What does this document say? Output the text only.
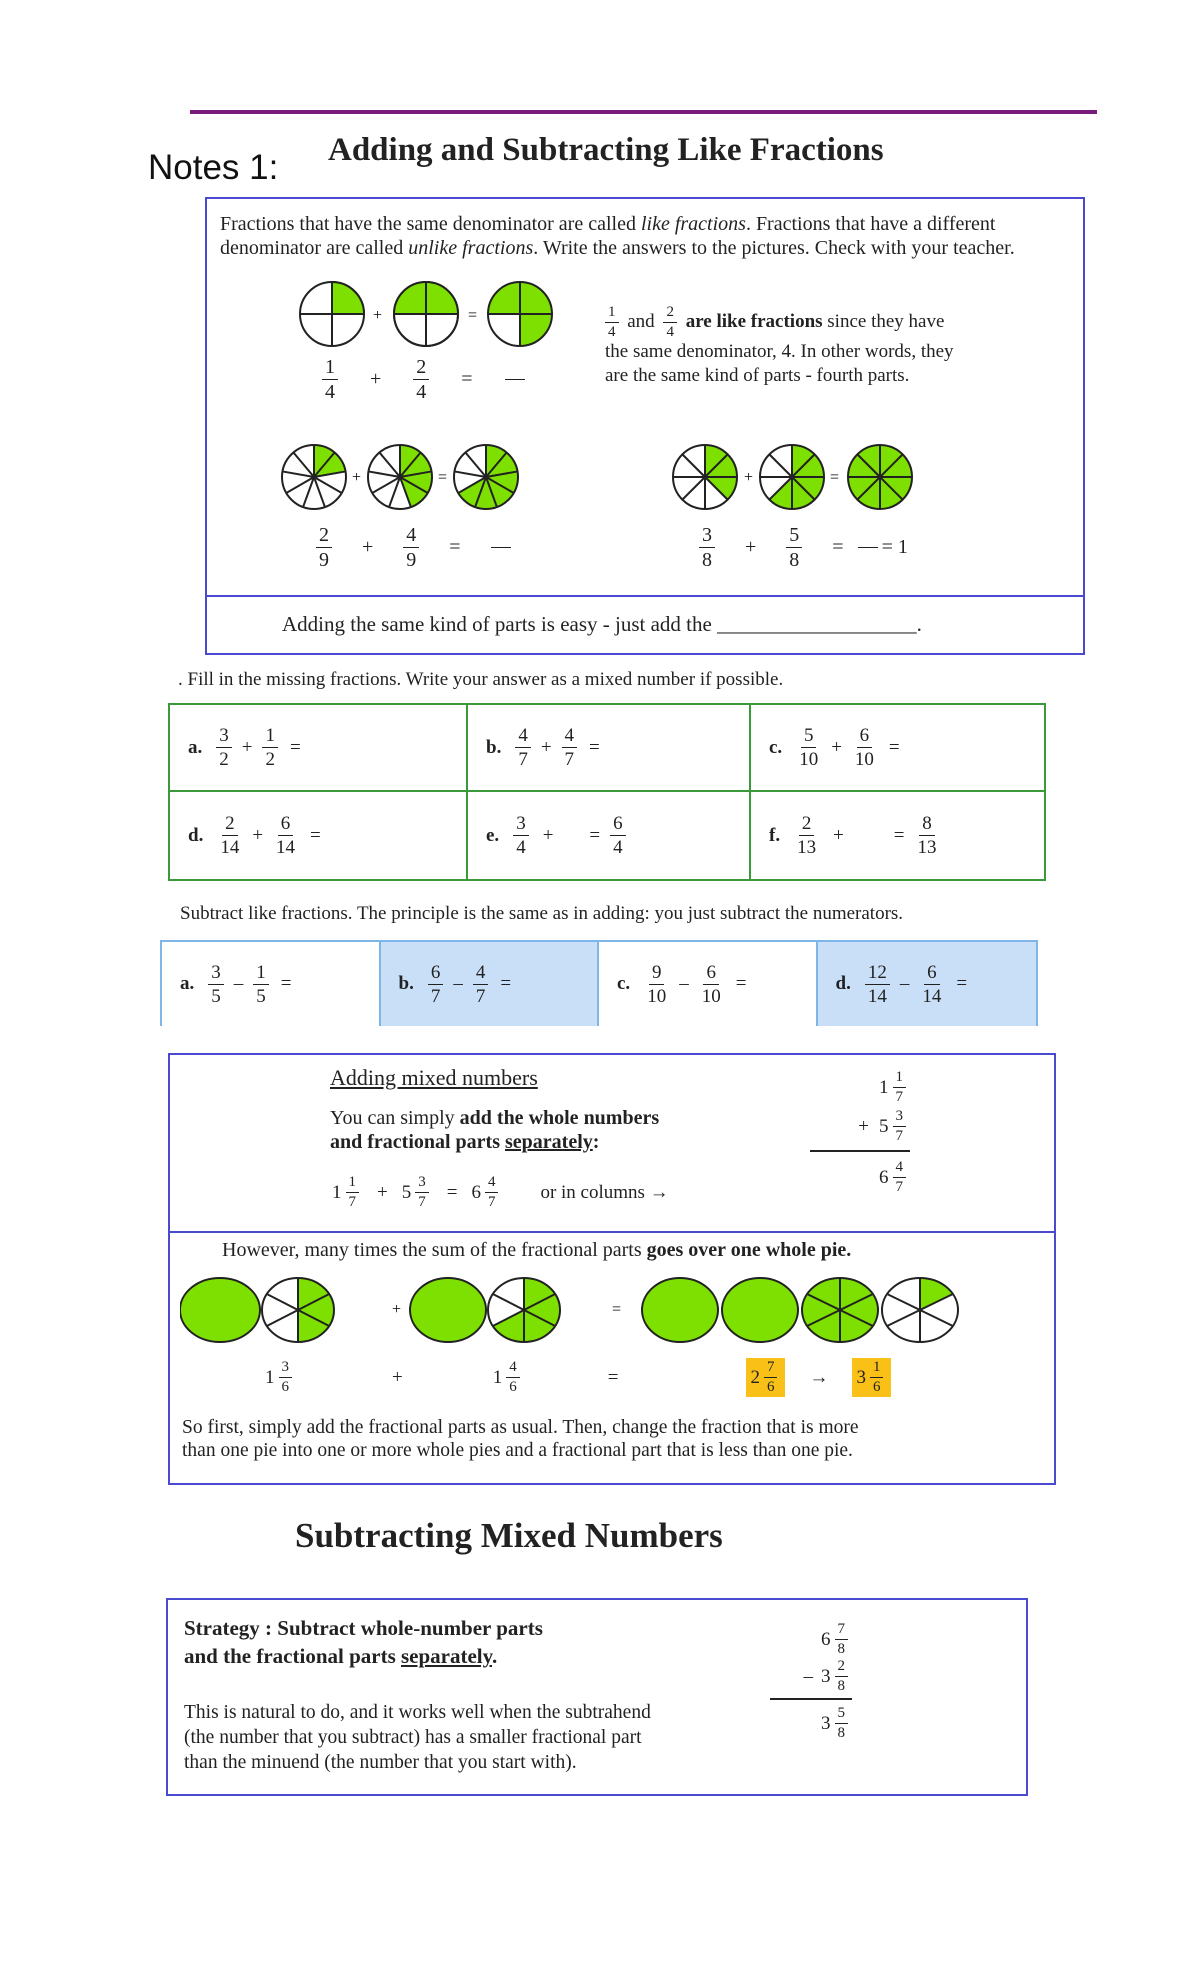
Notes 1: Adding and Subtracting Like Fractions
Fractions that have the same denominator are called like fractions. Fractions that have a different
denominator are called unlike fractions. Write the answers to the pictures. Check with your teacher.
+	=
$\frac{1}{4} + \frac{2}{4}$ =
$\frac{1}{4}$ and $\frac{2}{4}$ are like fractions since they have
the same denominator, 4. In other words, they
are the same kind of parts - fourth parts.
+	=	+	=
$\frac{2}{9} + \frac{4}{9}$ =	$\frac{3}{8} + \frac{5}{8}$ = = 1
Adding the same kind of parts is easy - just add the ___________________.
. Fill in the missing fractions. Write your answer as a mixed number if possible.
a. $\frac{3}{2} + \frac{1}{2}$ =	b. $\frac{4}{7} + \frac{4}{7}$ =	c. $\frac{5}{10} + \frac{6}{10}$ =
d. $\frac{2}{14} + \frac{6}{14}$ =	e. $\frac{3}{4}$ + = $\frac{6}{4}$	f. $\frac{2}{13}$ +	= $\frac{8}{13}$
Subtract like fractions. The principle is the same as in adding: you just subtract the numerators.
a. $\frac{3}{5} - \frac{1}{5}$ =	b. $\frac{6}{7} - \frac{4}{7}$ =	c. $\frac{9}{10} - \frac{6}{10}$ =	d. $\frac{12}{14} - \frac{6}{14}$ =
Adding mixed numbers
You can simply add the whole numbers
and fractional parts separately:
$1 \frac{1}{7} + 5 \frac{3}{7} = 6 \frac{4}{7}$ or in columns →
$1 \frac{1}{7}$
+ $5 \frac{3}{7}$
$6 \frac{4}{7}$
However, many times the sum of the fractional parts goes over one whole pie.
+	=
$1 \frac{3}{6}$	+	$1 \frac{4}{6}$	=	$2 \frac{7}{6} \to 3 \frac{1}{6}$
So first, simply add the fractional parts as usual. Then, change the fraction that is more
than one pie into one or more whole pies and a fractional part that is less than one pie.
Subtracting Mixed Numbers
Strategy : Subtract whole-number parts
and the fractional parts separately.
This is natural to do, and it works well when the subtrahend
(the number that you subtract) has a smaller fractional part
than the minuend (the number that you start with).
$6 \frac{7}{8}$
– $3 \frac{2}{8}$
$3 \frac{5}{8}$
